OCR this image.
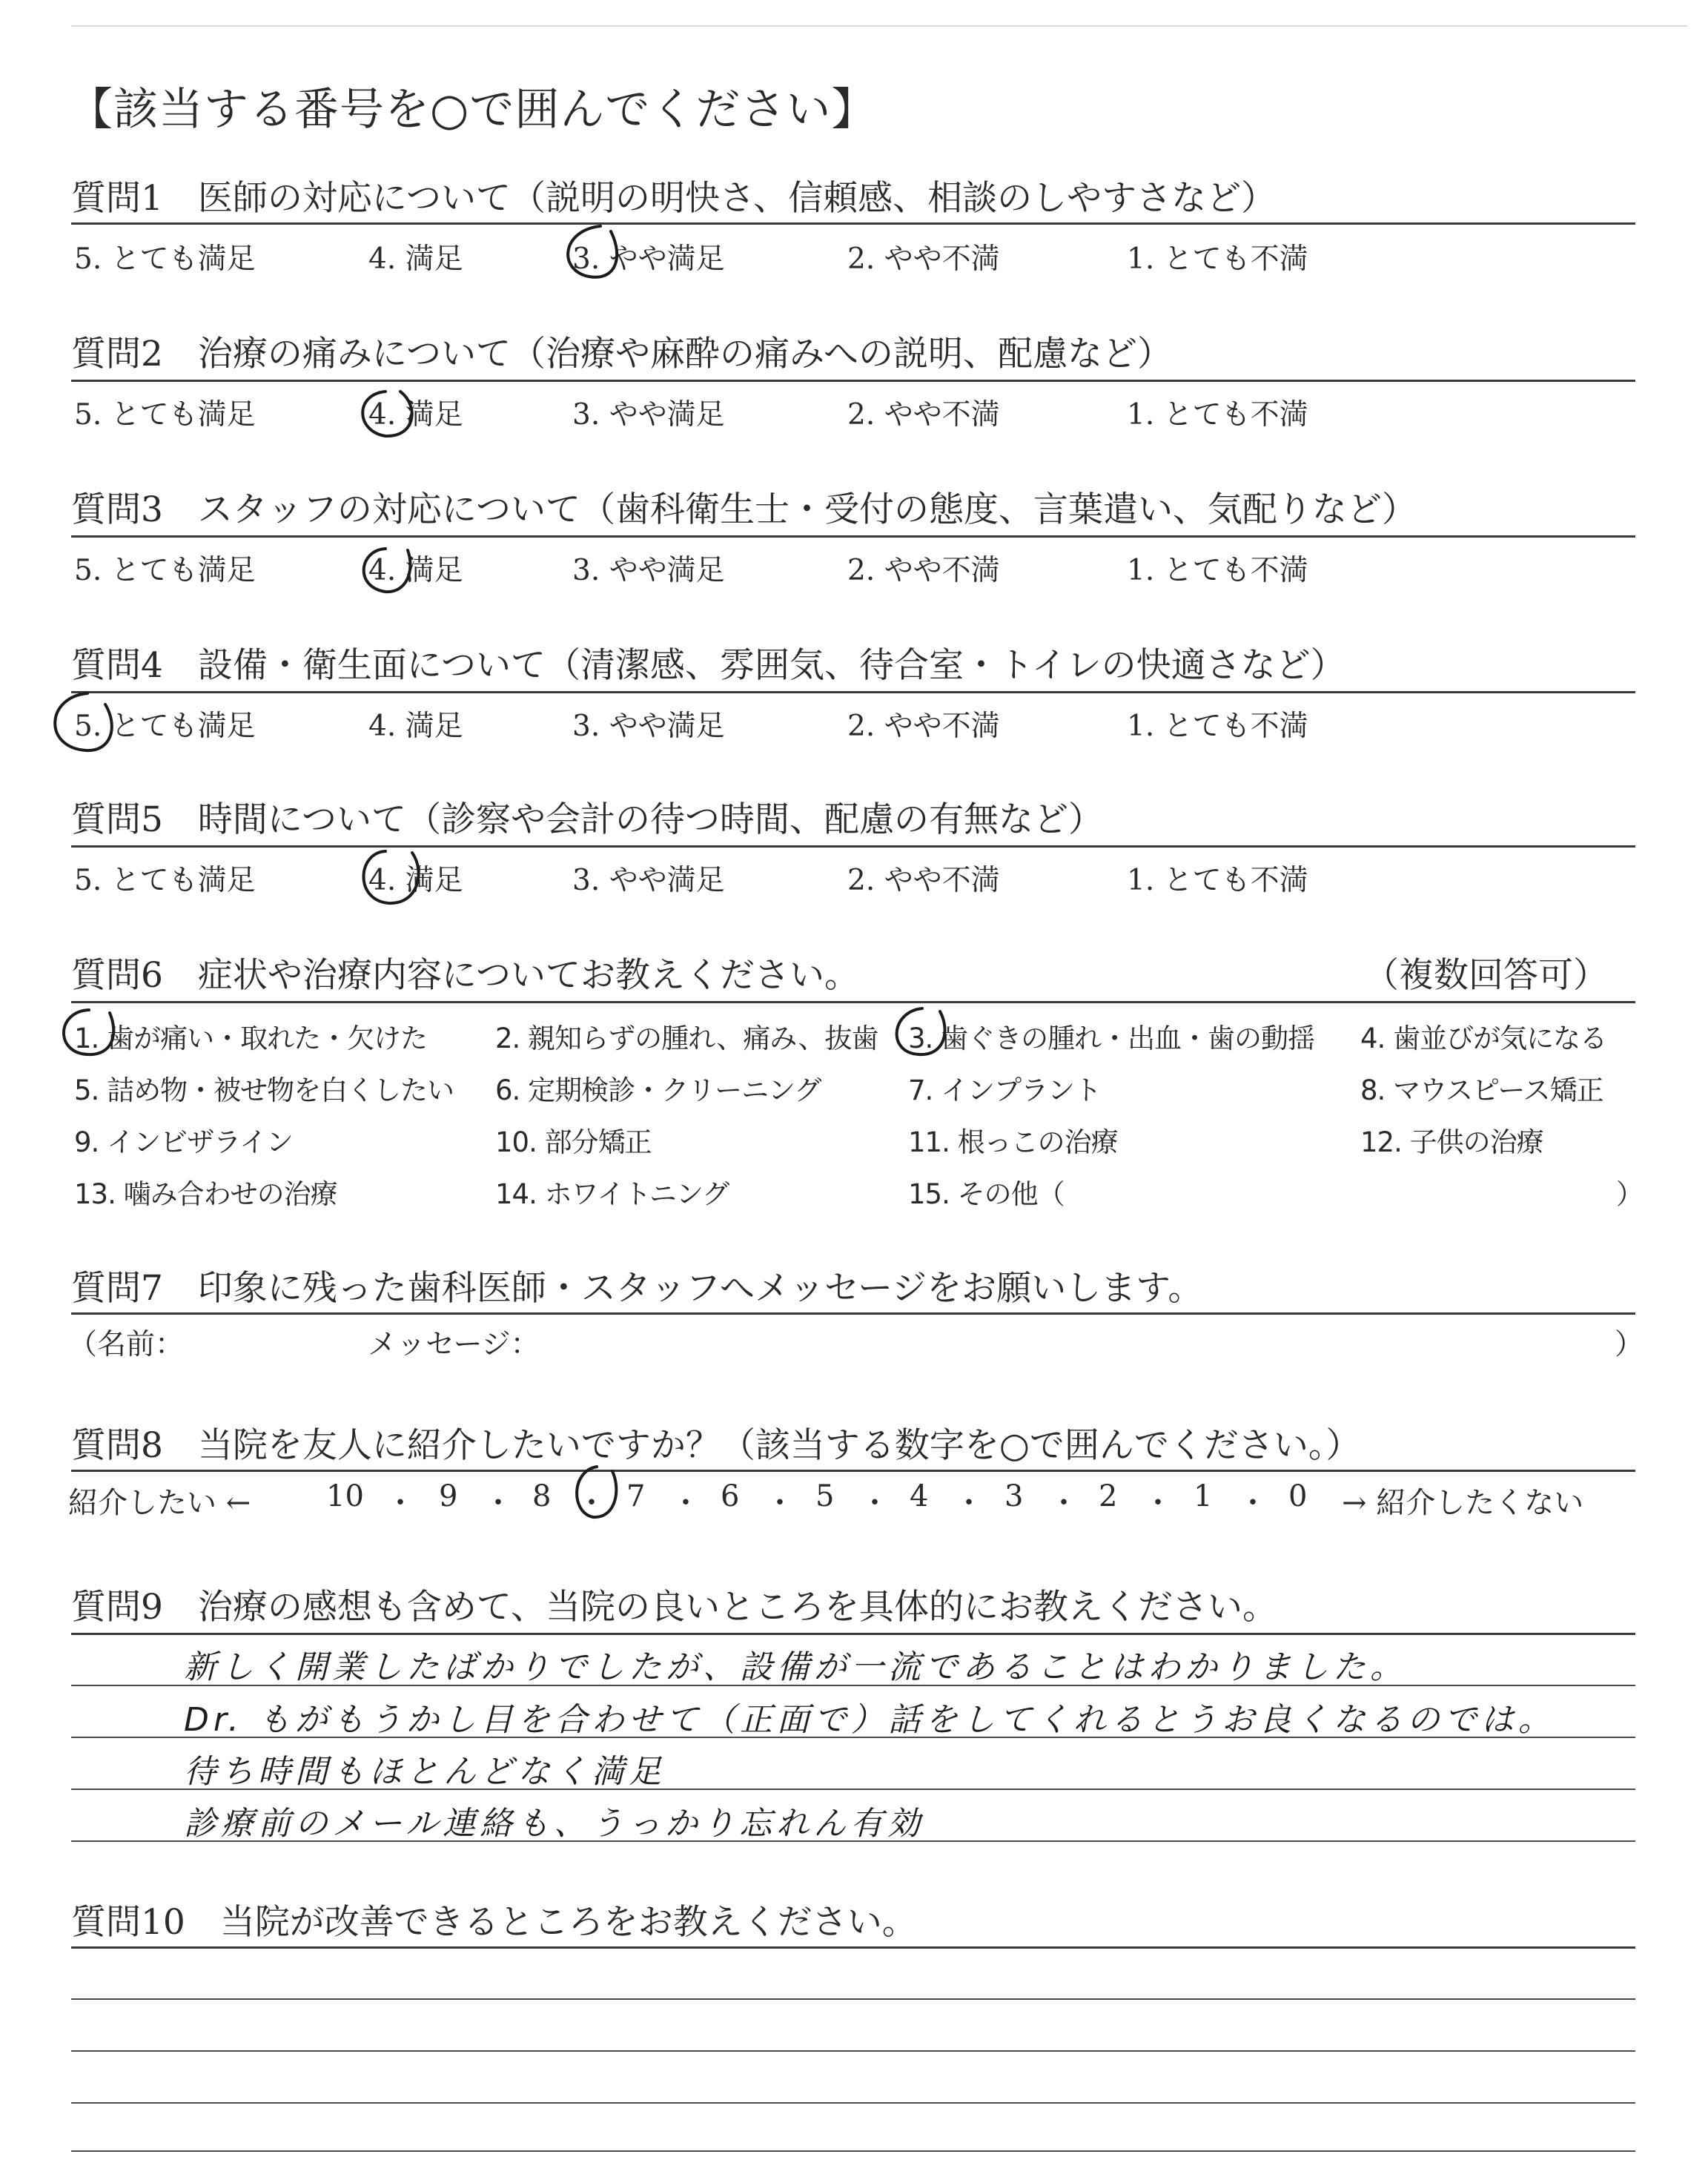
【該当する番号を○で囲んでください】
質問1　 医師の対応について（説明の明快さ、信頼感、相談のしやすさなど）
5. とても満足	4. 満足	3. やや満足	2. やや不満	1. とても不満
質問2　 治療の痛みについて（治療や麻酔の痛みへの説明、配慮など）
5. とても満足	4. 満足	3. やや満足	2. やや不満	1. とても不満
質問3　 スタッフの対応について（歯科衛生士・受付の態度、言葉遣い、気配りなど）
5. とても満足	4. 満足	3. やや満足	2. やや不満	1. とても不満
質問4　 設備・衛生面について（清潔感、雰囲気、待合室・トイレの快適さなど）
5. とても満足	4. 満足	3. やや満足	2. やや不満	1. とても不満
質問5　 時間について（診察や会計の待つ時間、配慮の有無など）
5. とても満足	4. 満足	3. やや満足	2. やや不満	1. とても不満
質問6　 症状や治療内容についてお教えください。	（複数回答可）
1. 歯が痛い・取れた・欠けた 2. 親知らずの腫れ、痛み、抜歯 3. 歯ぐきの腫れ・出血・歯の動揺 4. 歯並びが気になる
5. 詰め物・被せ物を白くしたい 6. 定期検診・クリーニング	7. インプラント	8. マウスピース矯正
9. インビザライン	10. 部分矯正	11. 根っこの治療	12. 子供の治療
13. 噛み合わせの治療	14. ホワイトニング	15. その他（	）
質問7　 印象に残った歯科医師・スタッフへメッセージをお願いします。
（名前：	メッセージ：	）
質問8　 当院を友人に紹介したいですか？（該当する数字を○で囲んでください。）
紹介したい ←	10	9	8	7	6	5	4	3	2	1	0
・ ・ ・ ・ ・ ・ ・ ・ ・ ・	→ 紹介したくない
質問9　 治療の感想も含めて、当院の良いところを具体的にお教えください。
新しく開業したばかりでしたが、設備が一流であることはわかりました。
Dr. もがもうかし目を合わせて（正面で）話をしてくれるとうお良くなるのでは。
待ち時間もほとんどなく満足
診療前のメール連絡も、うっかり忘れん有効
質問10　 当院が改善できるところをお教えください。
